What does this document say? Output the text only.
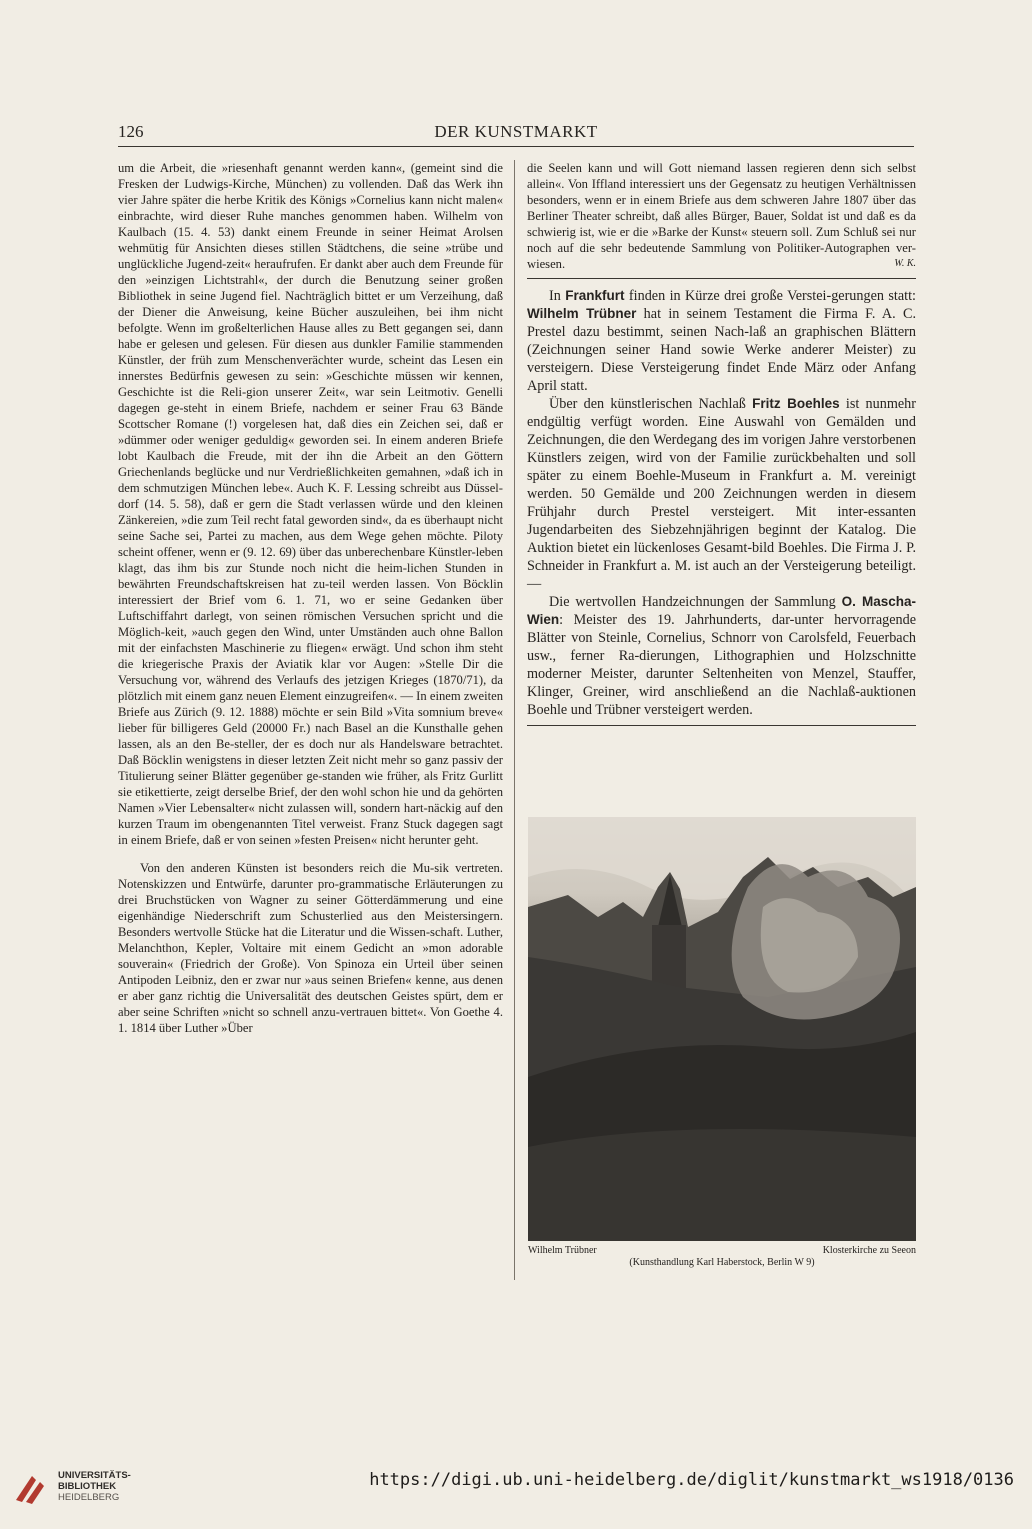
126	DER KUNSTMARKT

um die Arbeit, die »riesenhaft genannt werden kann«, (gemeint sind die Fresken der Ludwigs-Kirche, München) zu vollenden. Daß das Werk ihn vier Jahre später die herbe Kritik des Königs »Cornelius kann nicht malen« einbrachte, wird dieser Ruhe manches genommen haben. Wilhelm von Kaulbach (15. 4. 53) dankt einem Freunde in seiner Heimat Arolsen wehmütig für Ansichten dieses stillen Städtchens, die seine »trübe und unglückliche Jugend-zeit« heraufrufen. Er dankt aber auch dem Freunde für den »einzigen Lichtstrahl«, der durch die Benutzung seiner großen Bibliothek in seine Jugend fiel. Nachträglich bittet er um Verzeihung, daß der Diener die Anweisung, keine Bücher auszuleihen, bei ihm nicht befolgte. Wenn im großelterlichen Hause alles zu Bett gegangen sei, dann habe er gelesen und gelesen. Für diesen aus dunkler Familie stammenden Künstler, der früh zum Menschenverächter wurde, scheint das Lesen ein innerstes Bedürfnis gewesen zu sein: »Geschichte müssen wir kennen, Geschichte ist die Reli-gion unserer Zeit«, war sein Leitmotiv. Genelli dagegen ge-steht in einem Briefe, nachdem er seiner Frau 63 Bände Scottscher Romane (!) vorgelesen hat, daß dies ein Zeichen sei, daß er »dümmer oder weniger geduldig« geworden sei. In einem anderen Briefe lobt Kaulbach die Freude, mit der ihn die Arbeit an den Göttern Griechenlands beglücke und nur Verdrießlichkeiten gemahnen, »daß ich in dem schmutzigen München lebe«. Auch K. F. Lessing schreibt aus Düssel-dorf (14. 5. 58), daß er gern die Stadt verlassen würde und den kleinen Zänkereien, »die zum Teil recht fatal geworden sind«, da es überhaupt nicht seine Sache sei, Partei zu machen, aus dem Wege gehen möchte. Piloty scheint offener, wenn er (9. 12. 69) über das unberechenbare Künstler-leben klagt, das ihm bis zur Stunde noch nicht die heim-lichen Stunden in bewährten Freundschaftskreisen hat zu-teil werden lassen. Von Böcklin interessiert der Brief vom 6. 1. 71, wo er seine Gedanken über Luftschiffahrt darlegt, von seinen römischen Versuchen spricht und die Möglich-keit, »auch gegen den Wind, unter Umständen auch ohne Ballon mit der einfachsten Maschinerie zu fliegen« erwägt. Und schon ihm steht die kriegerische Praxis der Aviatik klar vor Augen: »Stelle Dir die Versuchung vor, während des Verlaufs des jetzigen Krieges (1870/71), da plötzlich mit einem ganz neuen Element einzugreifen«. — In einem zweiten Briefe aus Zürich (9. 12. 1888) möchte er sein Bild »Vita somnium breve« lieber für billigeres Geld (20000 Fr.) nach Basel an die Kunsthalle gehen lassen, als an den Be-steller, der es doch nur als Handelsware betrachtet. Daß Böcklin wenigstens in dieser letzten Zeit nicht mehr so ganz passiv der Titulierung seiner Blätter gegenüber ge-standen wie früher, als Fritz Gurlitt sie etikettierte, zeigt derselbe Brief, der den wohl schon hie und da gehörten Namen »Vier Lebensalter« nicht zulassen will, sondern hart-näckig auf den kurzen Traum im obengenannten Titel verweist. Franz Stuck dagegen sagt in einem Briefe, daß er von seinen »festen Preisen« nicht herunter geht.

Von den anderen Künsten ist besonders reich die Mu-sik vertreten. Notenskizzen und Entwürfe, darunter pro-grammatische Erläuterungen zu drei Bruchstücken von Wagner zu seiner Götterdämmerung und eine eigenhändige Niederschrift zum Schusterlied aus den Meistersingern. Besonders wertvolle Stücke hat die Literatur und die Wissen-schaft. Luther, Melanchthon, Kepler, Voltaire mit einem Gedicht an »mon adorable souverain« (Friedrich der Große). Von Spinoza ein Urteil über seinen Antipoden Leibniz, den er zwar nur »aus seinen Briefen« kenne, aus denen er aber ganz richtig die Universalität des deutschen Geistes spürt, dem er aber seine Schriften »nicht so schnell anzu-vertrauen bittet«. Von Goethe 4. 1. 1814 über Luther »Über

die Seelen kann und will Gott niemand lassen regieren denn sich selbst allein«. Von Iffland interessiert uns der Gegensatz zu heutigen Verhältnissen besonders, wenn er in einem Briefe aus dem schweren Jahre 1807 über das Berliner Theater schreibt, daß alles Bürger, Bauer, Soldat ist und daß es da schwierig ist, wie er die »Barke der Kunst« steuern soll. Zum Schluß sei nur noch auf die sehr bedeutende Sammlung von Politiker-Autographen ver-wiesen.	W. K.

In Frankfurt finden in Kürze drei große Verstei-gerungen statt: Wilhelm Trübner hat in seinem Testament die Firma F. A. C. Prestel dazu bestimmt, seinen Nach-laß an graphischen Blättern (Zeichnungen seiner Hand sowie Werke anderer Meister) zu versteigern. Diese Versteigerung findet Ende März oder Anfang April statt.

Über den künstlerischen Nachlaß Fritz Boehles ist nunmehr endgültig verfügt worden. Eine Auswahl von Gemälden und Zeichnungen, die den Werdegang des im vorigen Jahre verstorbenen Künstlers zeigen, wird von der Familie zurückbehalten und soll später zu einem Boehle-Museum in Frankfurt a. M. vereinigt werden. 50 Gemälde und 200 Zeichnungen werden in diesem Frühjahr durch Prestel versteigert. Mit inter-essanten Jugendarbeiten des Siebzehnjährigen beginnt der Katalog. Die Auktion bietet ein lückenloses Gesamt-bild Boehles. Die Firma J. P. Schneider in Frankfurt a. M. ist auch an der Versteigerung beteiligt. —

Die wertvollen Handzeichnungen der Sammlung O. Mascha-Wien: Meister des 19. Jahrhunderts, dar-unter hervorragende Blätter von Steinle, Cornelius, Schnorr von Carolsfeld, Feuerbach usw., ferner Ra-dierungen, Lithographien und Holzschnitte moderner Meister, darunter Seltenheiten von Menzel, Stauffer, Klinger, Greiner, wird anschließend an die Nachlaß-auktionen Boehle und Trübner versteigert werden.

Wilhelm Trübner	Klosterkirche zu Seeon
(Kunsthandlung Karl Haberstock, Berlin W 9)
UNIVERSITÄTS-
BIBLIOTHEK
HEIDELBERG
https://digi.ub.uni-heidelberg.de/diglit/kunstmarkt_ws1918/0136
